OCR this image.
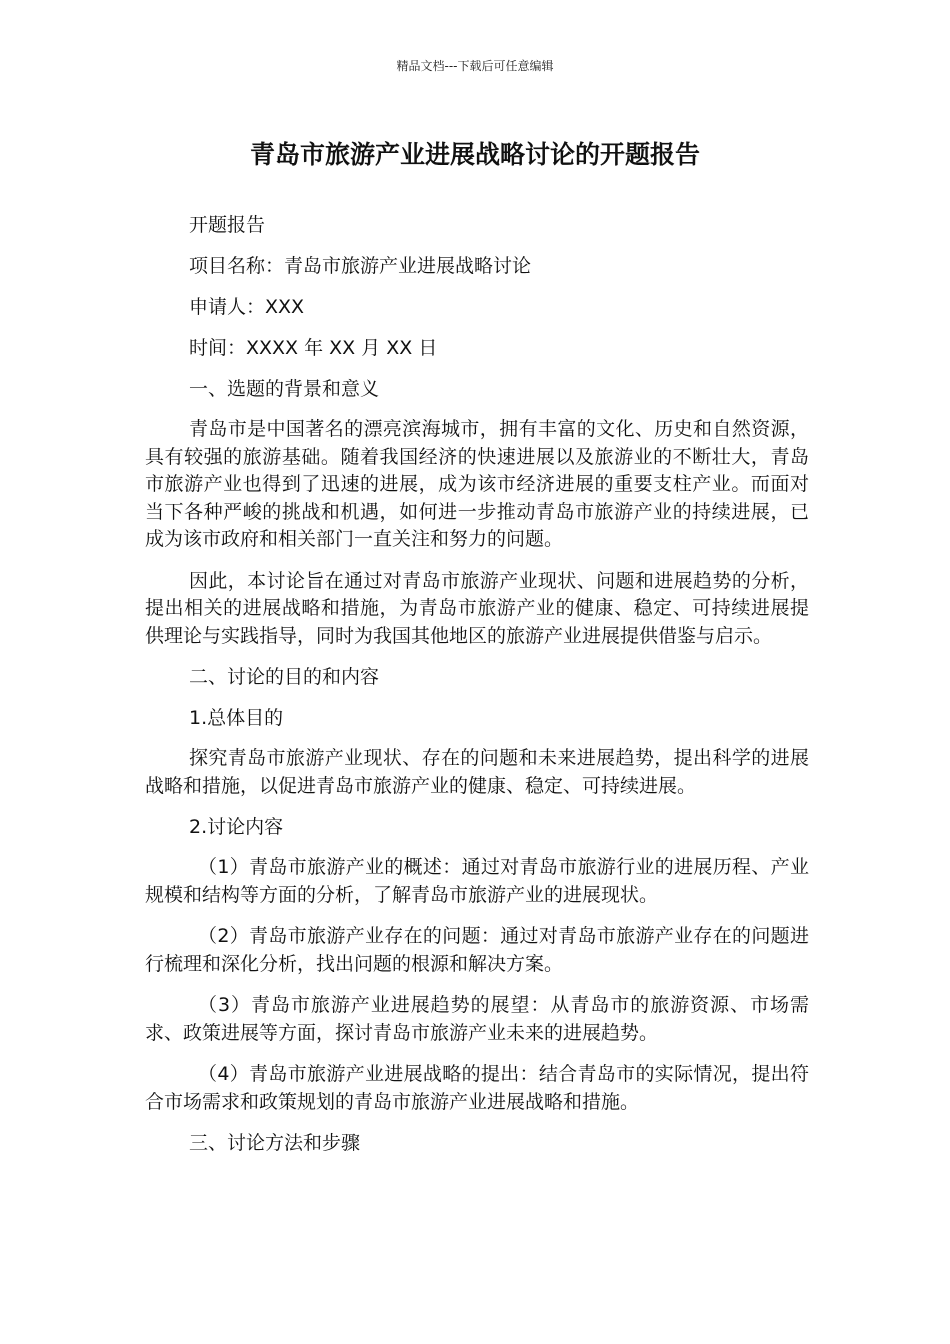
精品文档---下载后可任意编辑
青岛市旅游产业进展战略讨论的开题报告

开题报告

项目名称：青岛市旅游产业进展战略讨论

申请人：XXX

时间：XXXX 年 XX 月 XX 日

一、选题的背景和意义

青岛市是中国著名的漂亮滨海城市，拥有丰富的文化、历史和自然资源，具有较强的旅游基础。随着我国经济的快速进展以及旅游业的不断壮大，青岛市旅游产业也得到了迅速的进展，成为该市经济进展的重要支柱产业。而面对当下各种严峻的挑战和机遇，如何进一步推动青岛市旅游产业的持续进展，已成为该市政府和相关部门一直关注和努力的问题。

因此，本讨论旨在通过对青岛市旅游产业现状、问题和进展趋势的分析，提出相关的进展战略和措施，为青岛市旅游产业的健康、稳定、可持续进展提供理论与实践指导，同时为我国其他地区的旅游产业进展提供借鉴与启示。

二、讨论的目的和内容

1.总体目的

探究青岛市旅游产业现状、存在的问题和未来进展趋势，提出科学的进展战略和措施，以促进青岛市旅游产业的健康、稳定、可持续进展。

2.讨论内容

（1）青岛市旅游产业的概述：通过对青岛市旅游行业的进展历程、产业规模和结构等方面的分析，了解青岛市旅游产业的进展现状。

（2）青岛市旅游产业存在的问题：通过对青岛市旅游产业存在的问题进行梳理和深化分析，找出问题的根源和解决方案。

（3）青岛市旅游产业进展趋势的展望：从青岛市的旅游资源、市场需求、政策进展等方面，探讨青岛市旅游产业未来的进展趋势。

（4）青岛市旅游产业进展战略的提出：结合青岛市的实际情况，提出符合市场需求和政策规划的青岛市旅游产业进展战略和措施。

三、讨论方法和步骤
